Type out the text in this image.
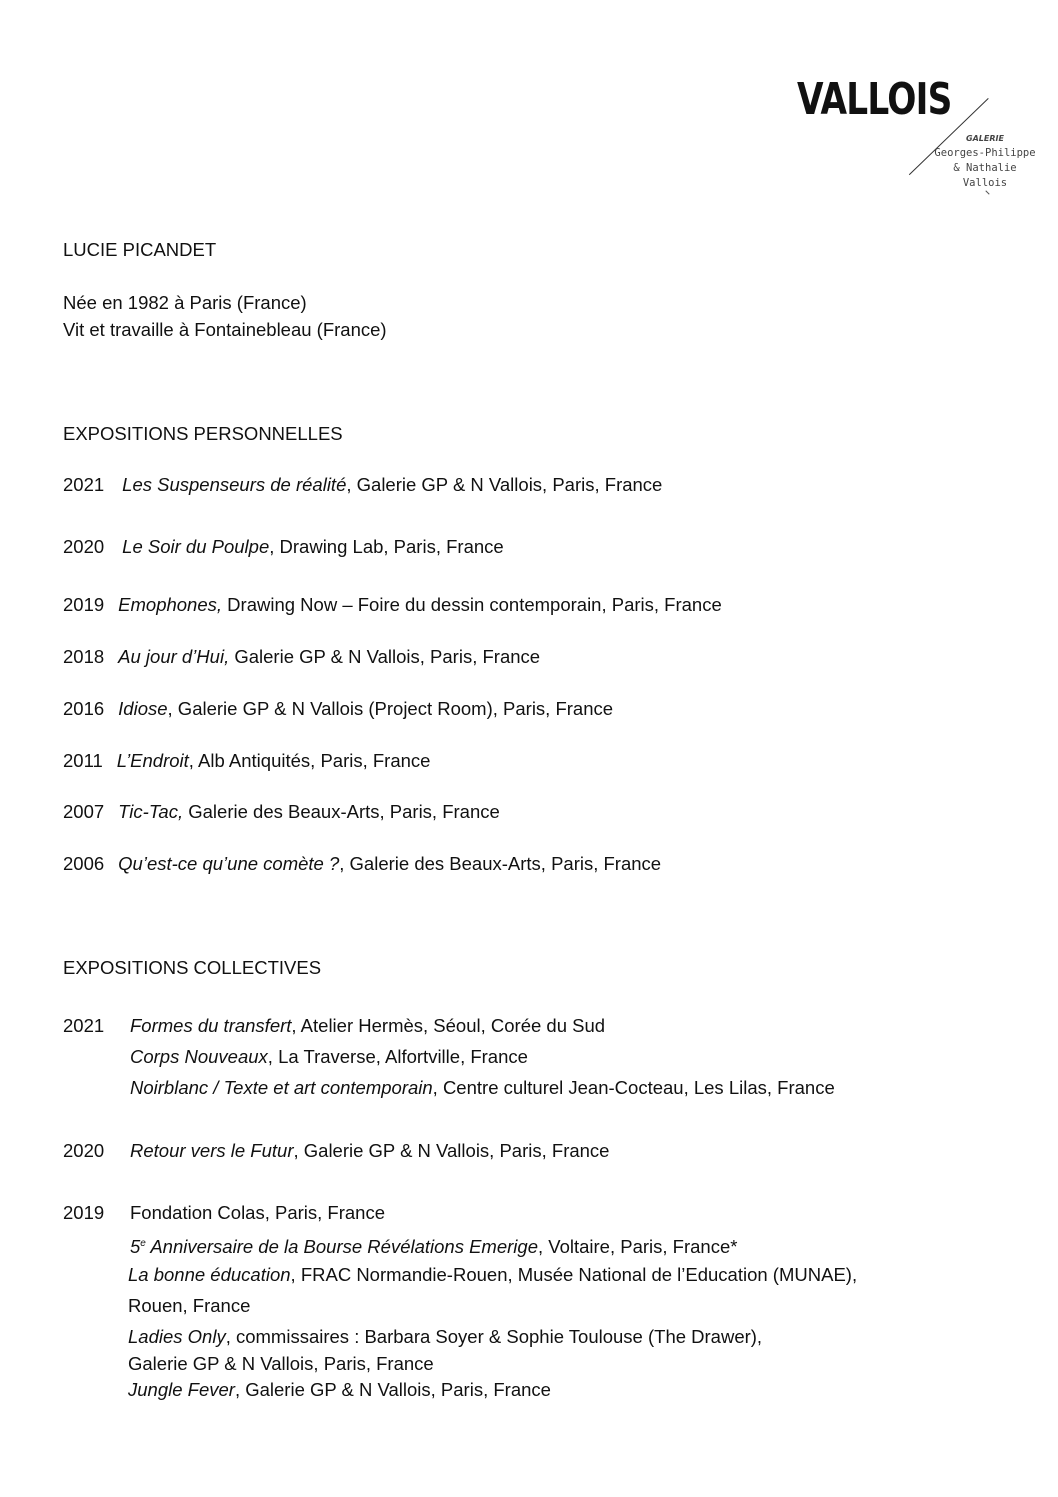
VALLOIS
GALERIE
Georges-Philippe
& Nathalie
Vallois
LUCIE PICANDET
Née en 1982 à Paris (France)
Vit et travaille à Fontainebleau (France)
EXPOSITIONS PERSONNELLES
2021 Les Suspenseurs de réalité, Galerie GP & N Vallois, Paris, France
2020 Le Soir du Poulpe, Drawing Lab, Paris, France
2019 Emophones, Drawing Now – Foire du dessin contemporain, Paris, France
2018 Au jour d’Hui, Galerie GP & N Vallois, Paris, France
2016 Idiose, Galerie GP & N Vallois (Project Room), Paris, France
2011 L’Endroit, Alb Antiquités, Paris, France
2007 Tic-Tac, Galerie des Beaux-Arts, Paris, France
2006 Qu’est-ce qu’une comète ?, Galerie des Beaux-Arts, Paris, France
EXPOSITIONS COLLECTIVES
2021 Formes du transfert, Atelier Hermès, Séoul, Corée du Sud
Corps Nouveaux, La Traverse, Alfortville, France
Noirblanc / Texte et art contemporain, Centre culturel Jean-Cocteau, Les Lilas, France
2020 Retour vers le Futur, Galerie GP & N Vallois, Paris, France
2019 Fondation Colas, Paris, France
5e Anniversaire de la Bourse Révélations Emerige, Voltaire, Paris, France*
La bonne éducation, FRAC Normandie-Rouen, Musée National de l’Education (MUNAE),
Rouen, France
Ladies Only, commissaires : Barbara Soyer & Sophie Toulouse (The Drawer),
Galerie GP & N Vallois, Paris, France
Jungle Fever, Galerie GP & N Vallois, Paris, France
